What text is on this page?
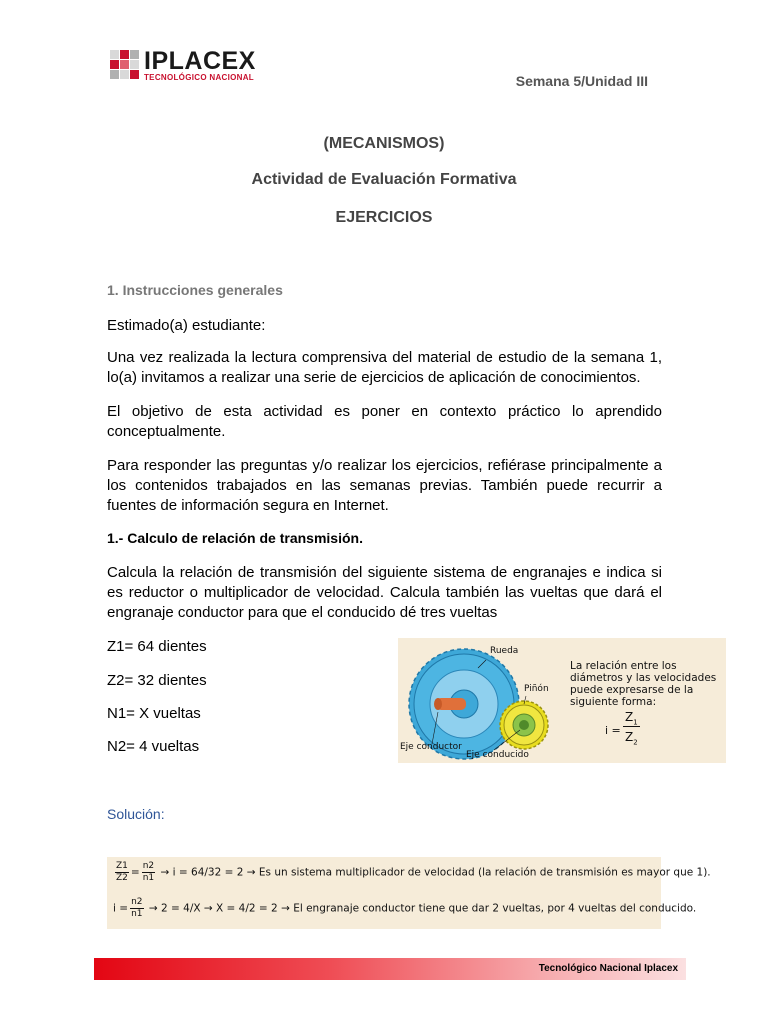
IPLACEX
TECNOLÓGICO NACIONAL	Semana 5/Unidad III
(MECANISMOS)
Actividad de Evaluación Formativa
EJERCICIOS
1. Instrucciones generales
Estimado(a) estudiante:
Una vez realizada la lectura comprensiva del material de estudio de la semana 1, lo(a) invitamos a realizar una serie de ejercicios de aplicación de conocimientos.
El objetivo de esta actividad es poner en contexto práctico lo aprendido conceptualmente.
Para responder las preguntas y/o realizar los ejercicios, refiérase principalmente a los contenidos trabajados en las semanas previas. También puede recurrir a fuentes de información segura en Internet.
1.- Calculo de relación de transmisión.
Calcula la relación de transmisión del siguiente sistema de engranajes e indica si es reductor o multiplicador de velocidad. Calcula también las vueltas que dará el engranaje conductor para que el conducido dé tres vueltas
Z1= 64 dientes
Z2= 32 dientes
N1= X vueltas
N2= 4 vueltas
Rueda
Piñón
Eje conductor
Eje conducido
La relación entre los diámetros y las velocidades puede expresarse de la siguiente forma:
i =
$Z_1$
$Z_2$
Solución:
$\frac{Z1}{Z2} = \frac{n2}{n1} \to i = 64/32 = 2 \to Es$ un sistema multiplicador de velocidad (la relación de transmisión es mayor que 1).
$i = \frac{n2}{n1} \to 2 = 4/X \to X = 4/2 = 2 \to El$ engranaje conductor tiene que dar 2 vueltas, por 4 vueltas del conducido.
Tecnológico Nacional Iplacex
